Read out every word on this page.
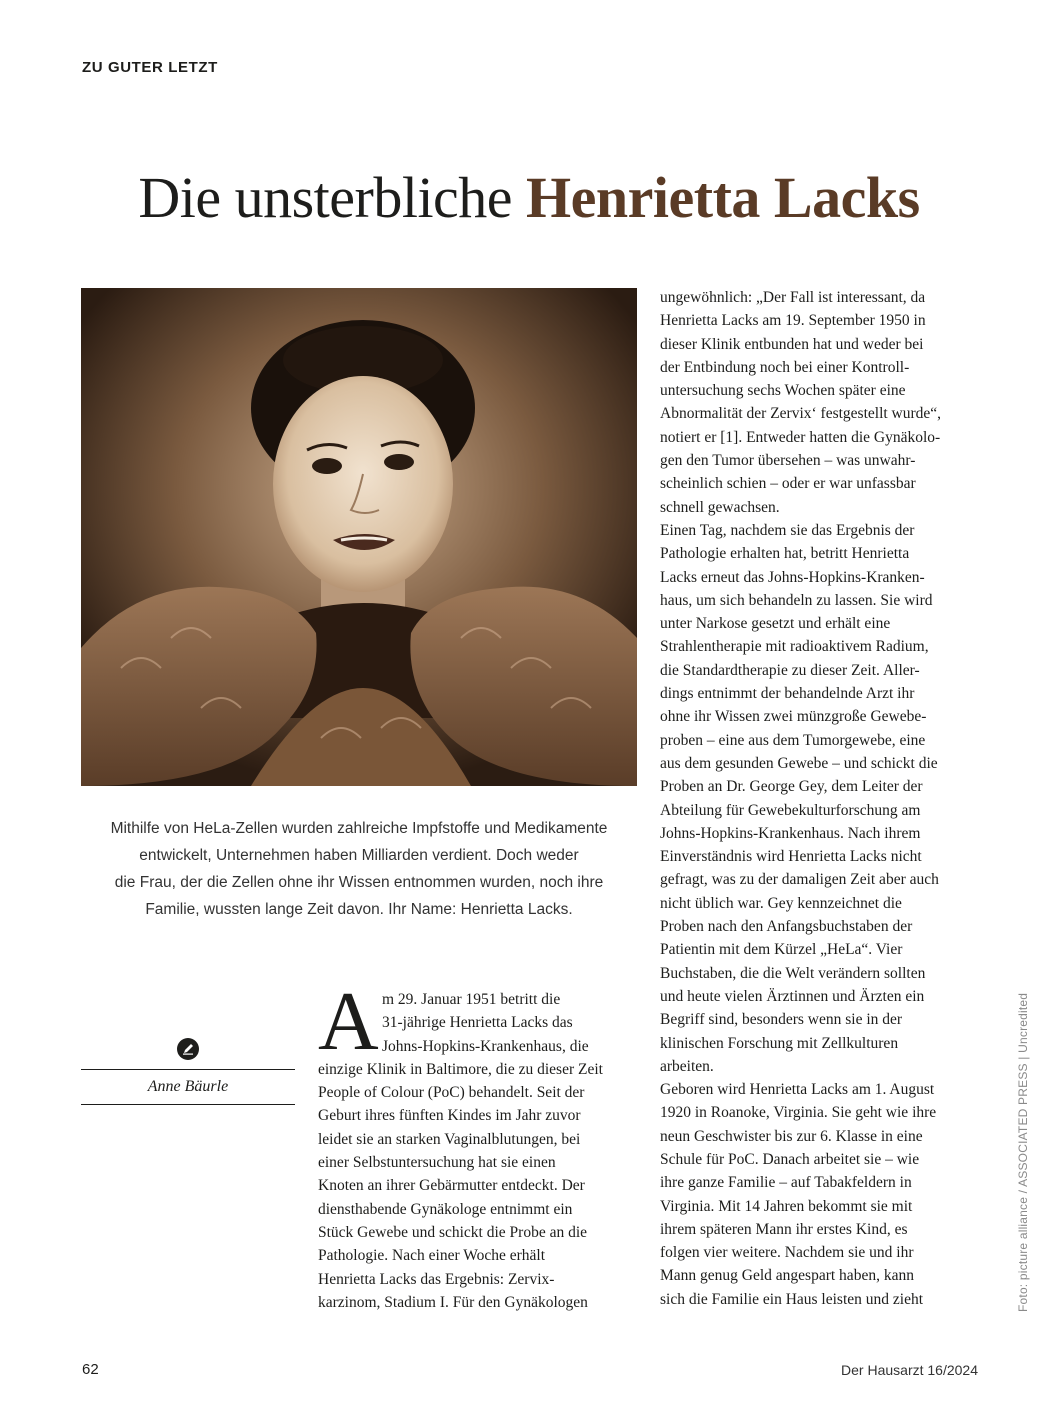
ZU GUTER LETZT
Die unsterbliche Henrietta Lacks
Mithilfe von HeLa-Zellen wurden zahlreiche Impfstoffe und Medikamente
entwickelt, Unternehmen haben Milliarden verdient. Doch weder
die Frau, der die Zellen ohne ihr Wissen entnommen wurden, noch ihre
Familie, wussten lange Zeit davon. Ihr Name: Henrietta Lacks.
Anne Bäurle
A m 29. Januar 1951 betritt die

31-jährige Henrietta Lacks das

Johns-Hopkins-Krankenhaus, die

einzige Klinik in Baltimore, die zu dieser Zeit

People of Colour (PoC) behandelt. Seit der

Geburt ihres fünften Kindes im Jahr zuvor

leidet sie an starken Vaginalblutungen, bei

einer Selbstuntersuchung hat sie einen

Knoten an ihrer Gebärmutter entdeckt. Der

diensthabende Gynäkologe entnimmt ein

Stück Gewebe und schickt die Probe an die

Pathologie. Nach einer Woche erhält

Henrietta Lacks das Ergebnis: Zervix-

karzinom, Stadium I. Für den Gynäkologen

ungewöhnlich: „Der Fall ist interessant, da

Henrietta Lacks am 19. September 1950 in

dieser Klinik entbunden hat und weder bei

der Entbindung noch bei einer Kontroll-

untersuchung sechs Wochen später eine

Abnormalität der Zervix‘ festgestellt wurde“,

notiert er [1]. Entweder hatten die Gynäkolo-

gen den Tumor übersehen – was unwahr-

scheinlich schien – oder er war unfassbar

schnell gewachsen.

Einen Tag, nachdem sie das Ergebnis der

Pathologie erhalten hat, betritt Henrietta

Lacks erneut das Johns-Hopkins-Kranken-

haus, um sich behandeln zu lassen. Sie wird

unter Narkose gesetzt und erhält eine

Strahlentherapie mit radioaktivem Radium,

die Standardtherapie zu dieser Zeit. Aller-

dings entnimmt der behandelnde Arzt ihr

ohne ihr Wissen zwei münzgroße Gewebe-

proben – eine aus dem Tumorgewebe, eine

aus dem gesunden Gewebe – und schickt die

Proben an Dr. George Gey, dem Leiter der

Abteilung für Gewebekulturforschung am

Johns-Hopkins-Krankenhaus. Nach ihrem

Einverständnis wird Henrietta Lacks nicht

gefragt, was zu der damaligen Zeit aber auch

nicht üblich war. Gey kennzeichnet die

Proben nach den Anfangsbuchstaben der

Patientin mit dem Kürzel „HeLa“. Vier

Buchstaben, die die Welt verändern sollten

und heute vielen Ärztinnen und Ärzten ein

Begriff sind, besonders wenn sie in der

klinischen Forschung mit Zellkulturen

arbeiten.

Geboren wird Henrietta Lacks am 1. August

1920 in Roanoke, Virginia. Sie geht wie ihre

neun Geschwister bis zur 6. Klasse in eine

Schule für PoC. Danach arbeitet sie – wie

ihre ganze Familie – auf Tabakfeldern in

Virginia. Mit 14 Jahren bekommt sie mit

ihrem späteren Mann ihr erstes Kind, es

folgen vier weitere. Nachdem sie und ihr

Mann genug Geld angespart haben, kann

sich die Familie ein Haus leisten und zieht	Foto: picture alliance / ASSOCIATED PRESS | Uncredited
62	Der Hausarzt 16/2024
